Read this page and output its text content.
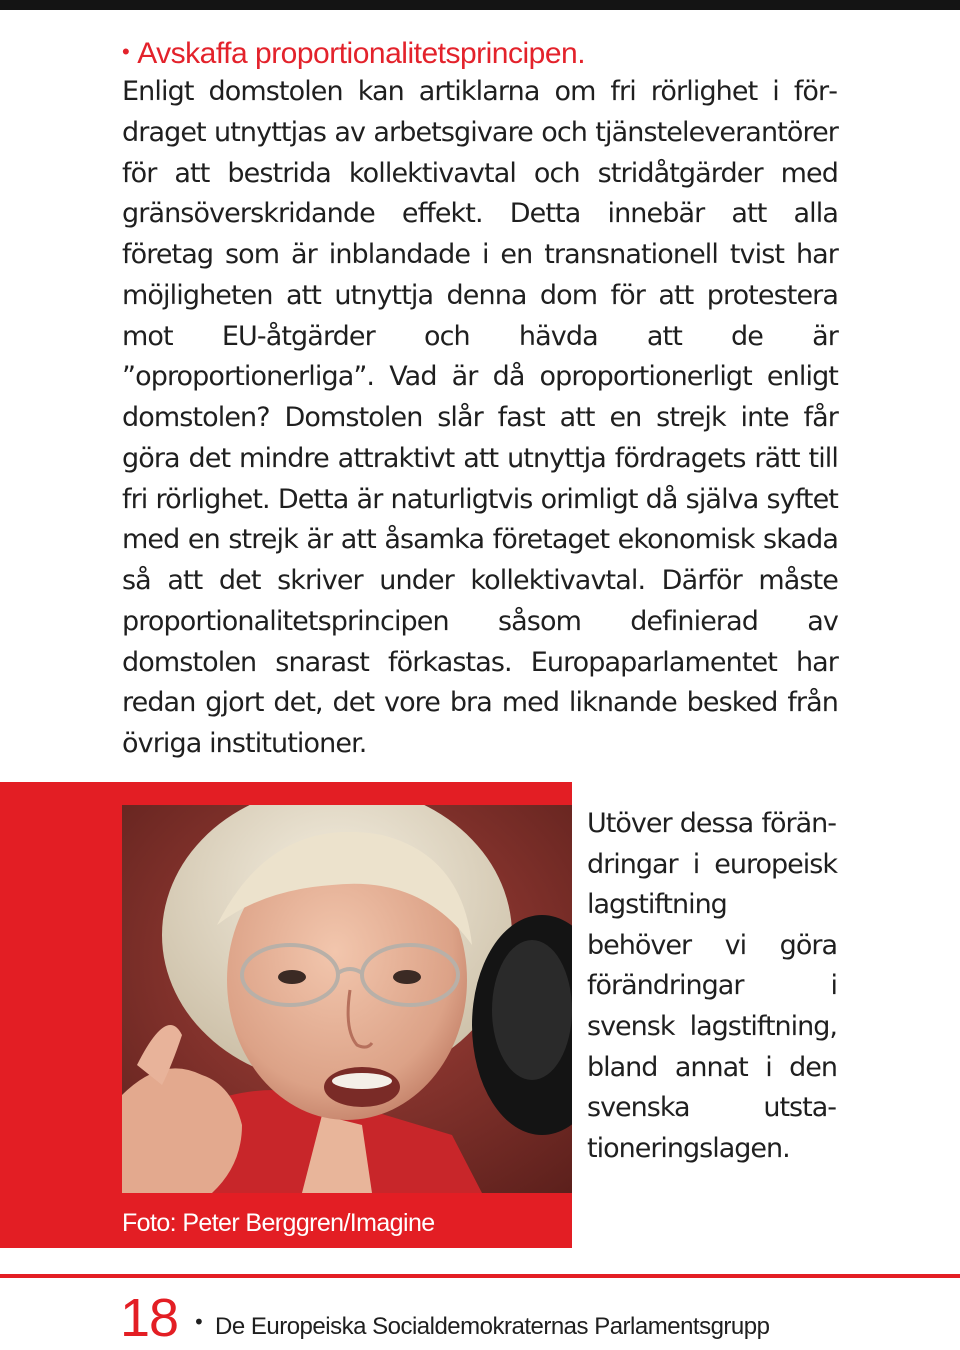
• Avskaffa proportionalitetsprincipen.

Enligt domstolen kan artiklarna om fri rörlighet i fördraget utnyttjas av arbetsgivare och tjänsteleverantörer för att bestrida kollektivavtal och stridåtgärder med gränsöverskridande effekt. Detta innebär att alla företag som är inblandade i en transnationell tvist har möjligheten att utnyttja denna dom för att protestera mot EU-åtgärder och hävda att de är ”oproportionerliga”. Vad är då oproportionerligt enligt domstolen? Domstolen slår fast att en strejk inte får göra det mindre attraktivt att utnyttja fördragets rätt till fri rörlighet. Detta är naturligtvis orimligt då själva syftet med en strejk är att åsamka företaget ekonomisk skada så att det skriver under kollektivavtal. Därför måste proportionalitetsprincipen såsom definierad av domstolen snarast förkastas. Europaparlamentet har redan gjort det, det vore bra med liknande besked från övriga institutioner.

Foto: Peter Berggren/Imagine

Utöver dessa förändringar i europeisk lagstiftning behöver vi göra förändringar i svensk lagstiftning, bland annat i den svenska utstationeringslagen.

18 • De Europeiska Socialdemokraternas Parlamentsgrupp
